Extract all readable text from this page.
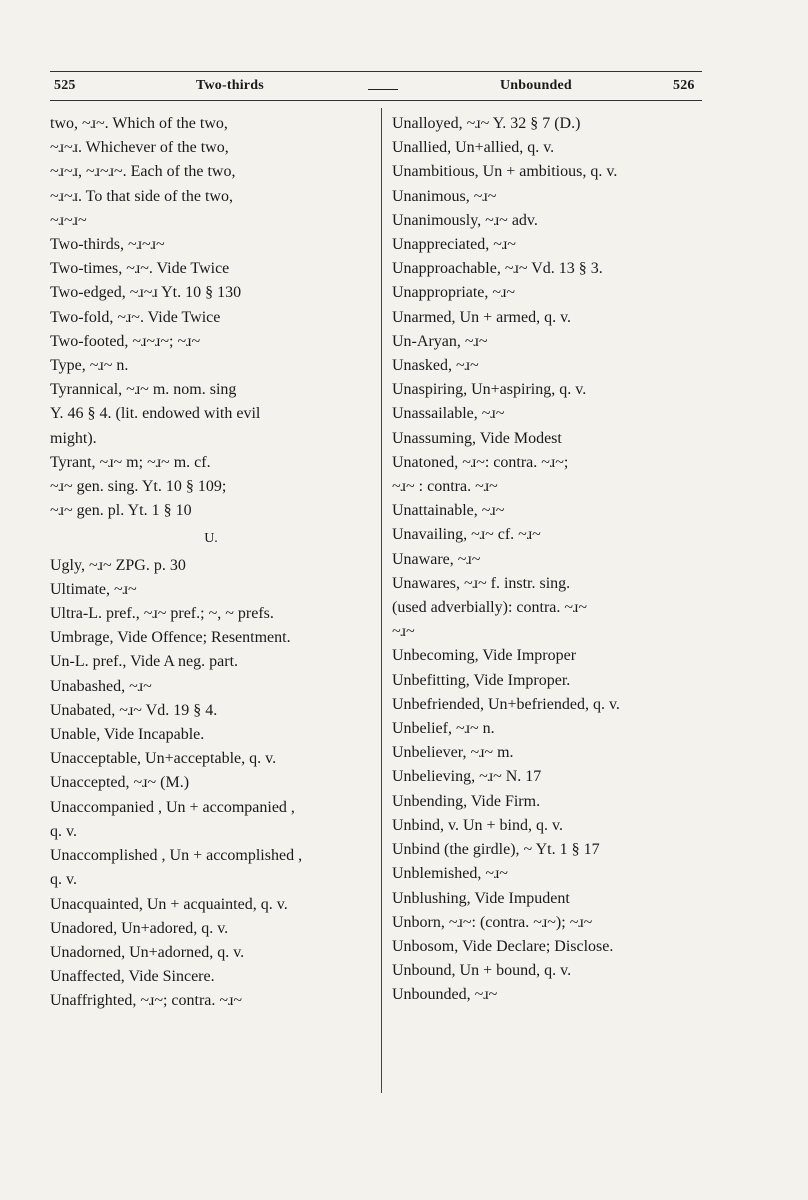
525	Two-thirds	Unbounded	526
two, ~ɹ~. Which of the two,
~ɹ~ɹ. Whichever of the two,
~ɹ~ɹ, ~ɹ~ɹ~. Each of the two,
~ɹ~ɹ. To that side of the two,
~ɹ~ɹ~
Two-thirds, ~ɹ~ɹ~
Two-times, ~ɹ~. Vide Twice
Two-edged, ~ɹ~ɹ Yt. 10 § 130
Two-fold, ~ɹ~. Vide Twice
Two-footed, ~ɹ~ɹ~; ~ɹ~
Type, ~ɹ~ n.
Tyrannical, ~ɹ~ m. nom. sing
Y. 46 § 4. (lit. endowed with evil
might).
Tyrant, ~ɹ~ m; ~ɹ~ m. cf.
~ɹ~ gen. sing. Yt. 10 § 109;
~ɹ~ gen. pl. Yt. 1 § 10
U.
Ugly, ~ɹ~ ZPG. p. 30
Ultimate, ~ɹ~
Ultra-L. pref., ~ɹ~ pref.; ~, ~ prefs.
Umbrage, Vide Offence; Resentment.
Un-L. pref., Vide A neg. part.
Unabashed, ~ɹ~
Unabated, ~ɹ~ Vd. 19 § 4.
Unable, Vide Incapable.
Unacceptable, Un+acceptable, q. v.
Unaccepted, ~ɹ~ (M.)
Unaccompanied , Un + accompanied ,
q. v.
Unaccomplished , Un + accomplished ,
q. v.
Unacquainted, Un + acquainted, q. v.
Unadored, Un+adored, q. v.
Unadorned, Un+adorned, q. v.
Unaffected, Vide Sincere.
Unaffrighted, ~ɹ~; contra. ~ɹ~
Unalloyed, ~ɹ~ Y. 32 § 7 (D.)
Unallied, Un+allied, q. v.
Unambitious, Un + ambitious, q. v.
Unanimous, ~ɹ~
Unanimously, ~ɹ~ adv.
Unappreciated, ~ɹ~
Unapproachable, ~ɹ~ Vd. 13 § 3.
Unappropriate, ~ɹ~
Unarmed, Un + armed, q. v.
Un-Aryan, ~ɹ~
Unasked, ~ɹ~
Unaspiring, Un+aspiring, q. v.
Unassailable, ~ɹ~
Unassuming, Vide Modest
Unatoned, ~ɹ~: contra. ~ɹ~;
~ɹ~ : contra. ~ɹ~
Unattainable, ~ɹ~
Unavailing, ~ɹ~ cf. ~ɹ~
Unaware, ~ɹ~
Unawares, ~ɹ~ f. instr. sing.
(used adverbially): contra. ~ɹ~
~ɹ~
Unbecoming, Vide Improper
Unbefitting, Vide Improper.
Unbefriended, Un+befriended, q. v.
Unbelief, ~ɹ~ n.
Unbeliever, ~ɹ~ m.
Unbelieving, ~ɹ~ N. 17
Unbending, Vide Firm.
Unbind, v. Un + bind, q. v.
Unbind (the girdle), ~ Yt. 1 § 17
Unblemished, ~ɹ~
Unblushing, Vide Impudent
Unborn, ~ɹ~: (contra. ~ɹ~); ~ɹ~
Unbosom, Vide Declare; Disclose.
Unbound, Un + bound, q. v.
Unbounded, ~ɹ~
